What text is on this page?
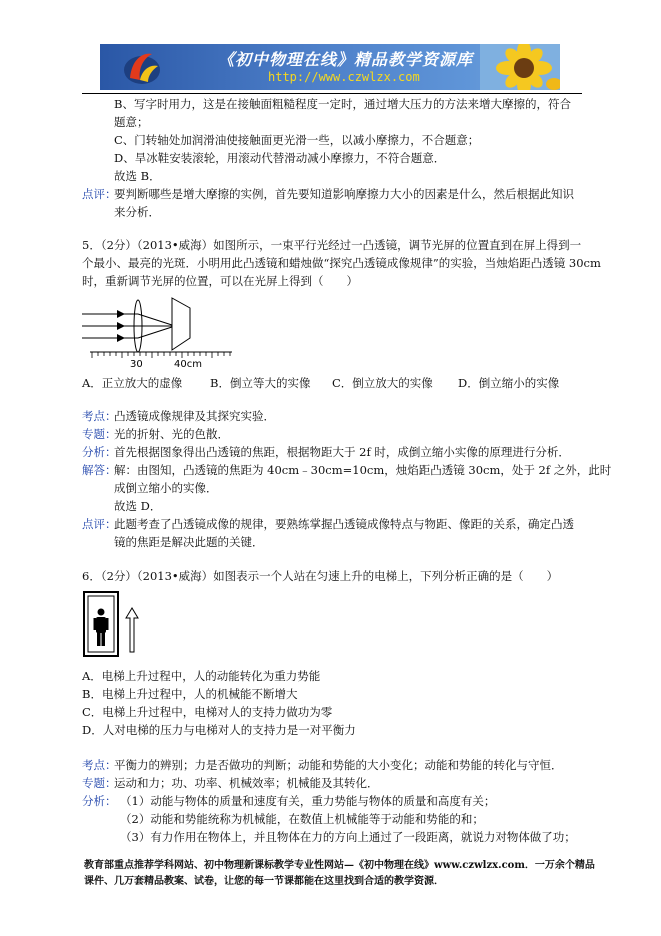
《初中物理在线》精品教学资源库
http://www.czwlzx.com
B、写字时用力，这是在接触面粗糙程度一定时，通过增大压力的方法来增大摩擦的，符合
题意；
C、门转轴处加润滑油使接触面更光滑一些，以减小摩擦力，不合题意；
D、旱冰鞋安装滚轮，用滚动代替滑动减小摩擦力，不符合题意．
故选 B．
点评：
要判断哪些是增大摩擦的实例，首先要知道影响摩擦力大小的因素是什么，然后根据此知识
来分析．
5．（2分）（2013•威海）如图所示，一束平行光经过一凸透镜，调节光屏的位置直到在屏上得到一
个最小、最亮的光斑．小明用此凸透镜和蜡烛做“探究凸透镜成像规律”的实验，当烛焰距凸透镜 30cm
时，重新调节光屏的位置，可以在光屏上得到（　　）
30	40cm
A．正立放大的虚像 B．倒立等大的实像 C．倒立放大的实像 D．倒立缩小的实像
考点：
凸透镜成像规律及其探究实验．
专题：
光的折射、光的色散．
分析：
首先根据图象得出凸透镜的焦距，根据物距大于 2f 时，成倒立缩小实像的原理进行分析．
解答：
解：由图知，凸透镜的焦距为 40cm﹣30cm=10cm，烛焰距凸透镜 30cm，处于 2f 之外，此时
成倒立缩小的实像．
故选 D．
点评：
此题考查了凸透镜成像的规律，要熟练掌握凸透镜成像特点与物距、像距的关系，确定凸透
镜的焦距是解决此题的关键．
6．（2分）（2013•威海）如图表示一个人站在匀速上升的电梯上，下列分析正确的是（　　）
A．电梯上升过程中，人的动能转化为重力势能
B．电梯上升过程中，人的机械能不断增大
C．电梯上升过程中，电梯对人的支持力做功为零
D．人对电梯的压力与电梯对人的支持力是一对平衡力
考点：
平衡力的辨别；力是否做功的判断；动能和势能的大小变化；动能和势能的转化与守恒．
专题：
运动和力；功、功率、机械效率；机械能及其转化．
分析： （1）动能与物体的质量和速度有关，重力势能与物体的质量和高度有关；
（2）动能和势能统称为机械能，在数值上机械能等于动能和势能的和；
（3）有力作用在物体上，并且物体在力的方向上通过了一段距离，就说力对物体做了功；
教育部重点推荐学科网站、初中物理新课标教学专业性网站—《初中物理在线》www.czwlzx.com．一万余个精品课件、几万套精品教案、试卷，让您的每一节课都能在这里找到合适的教学资源．
